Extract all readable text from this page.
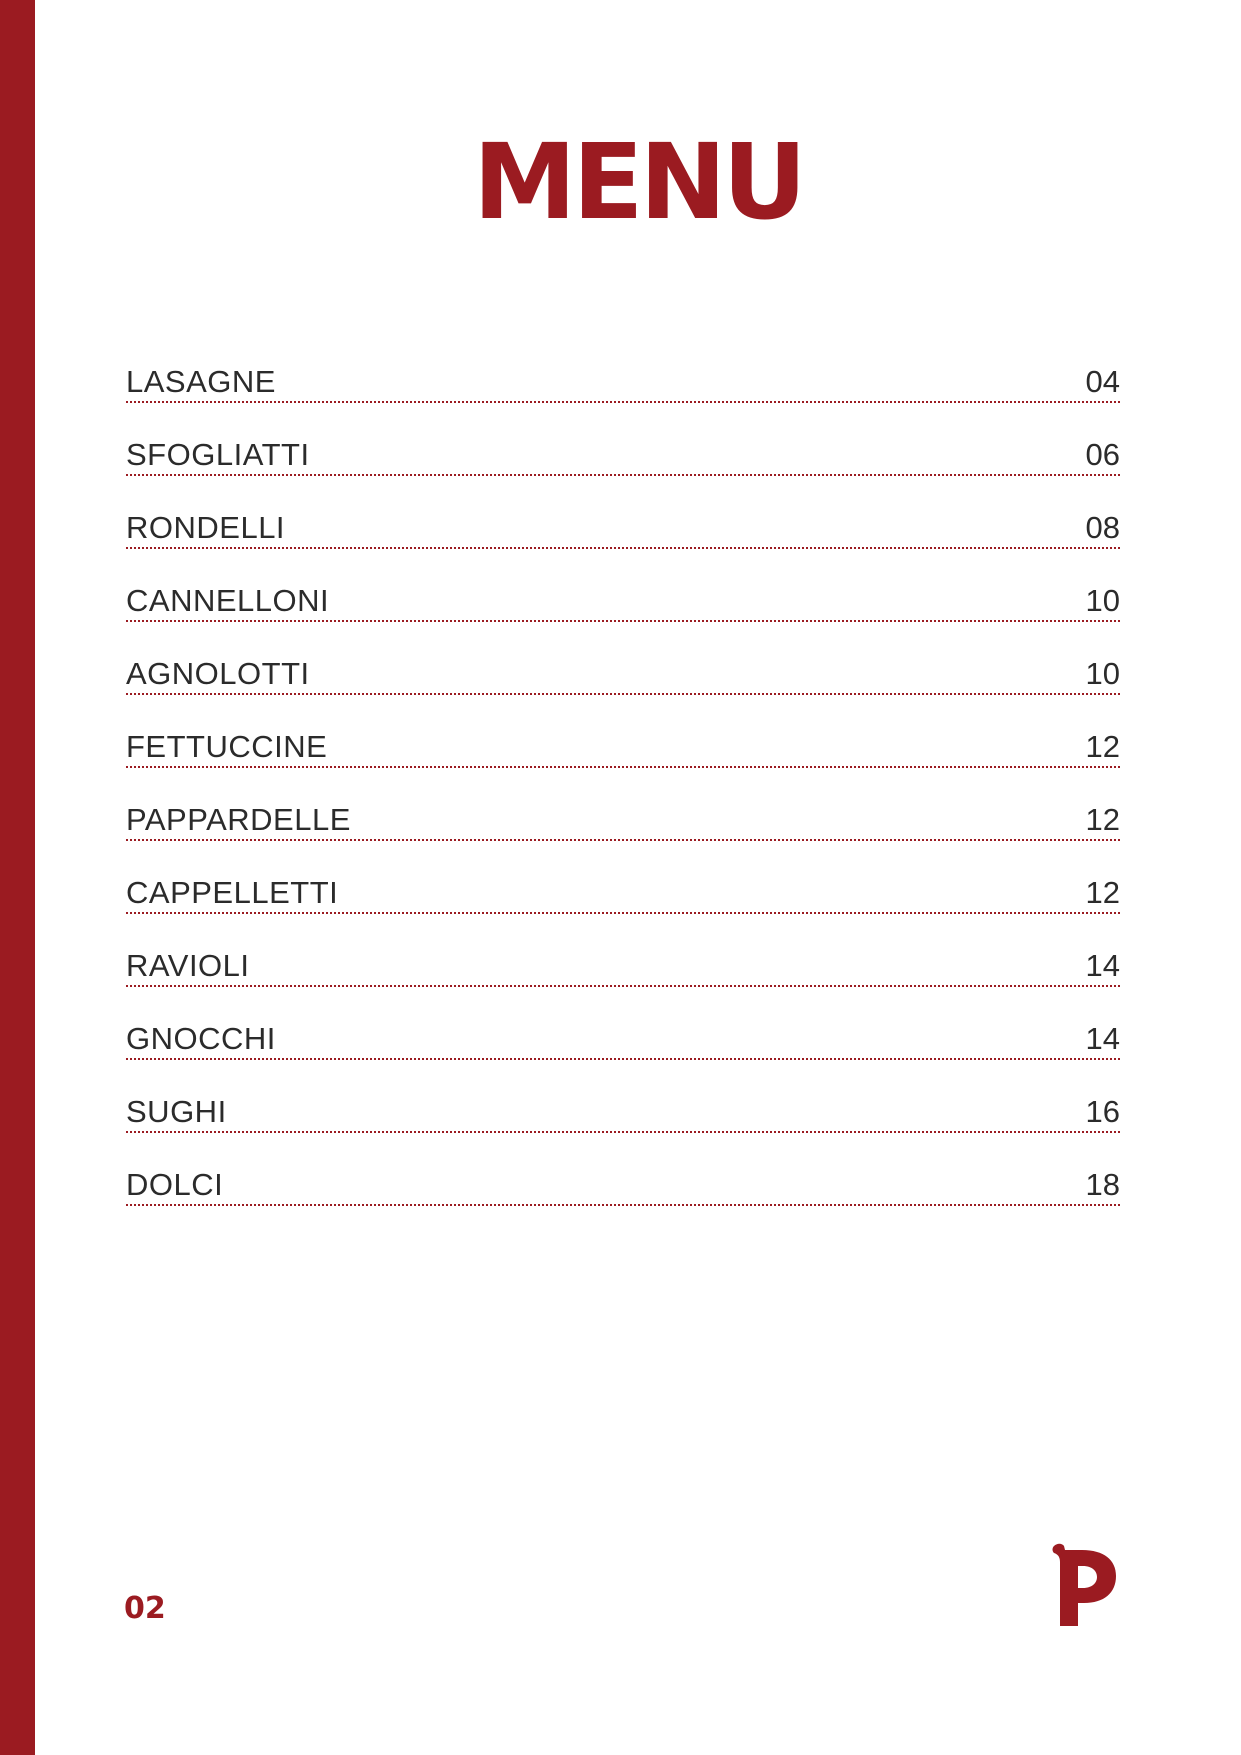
MENU
LASAGNE	04
SFOGLIATTI	06
RONDELLI	08
CANNELLONI	10
AGNOLOTTI	10
FETTUCCINE	12
PAPPARDELLE	12
CAPPELLETTI	12
RAVIOLI	14
GNOCCHI	14
SUGHI	16
DOLCI	18
02
